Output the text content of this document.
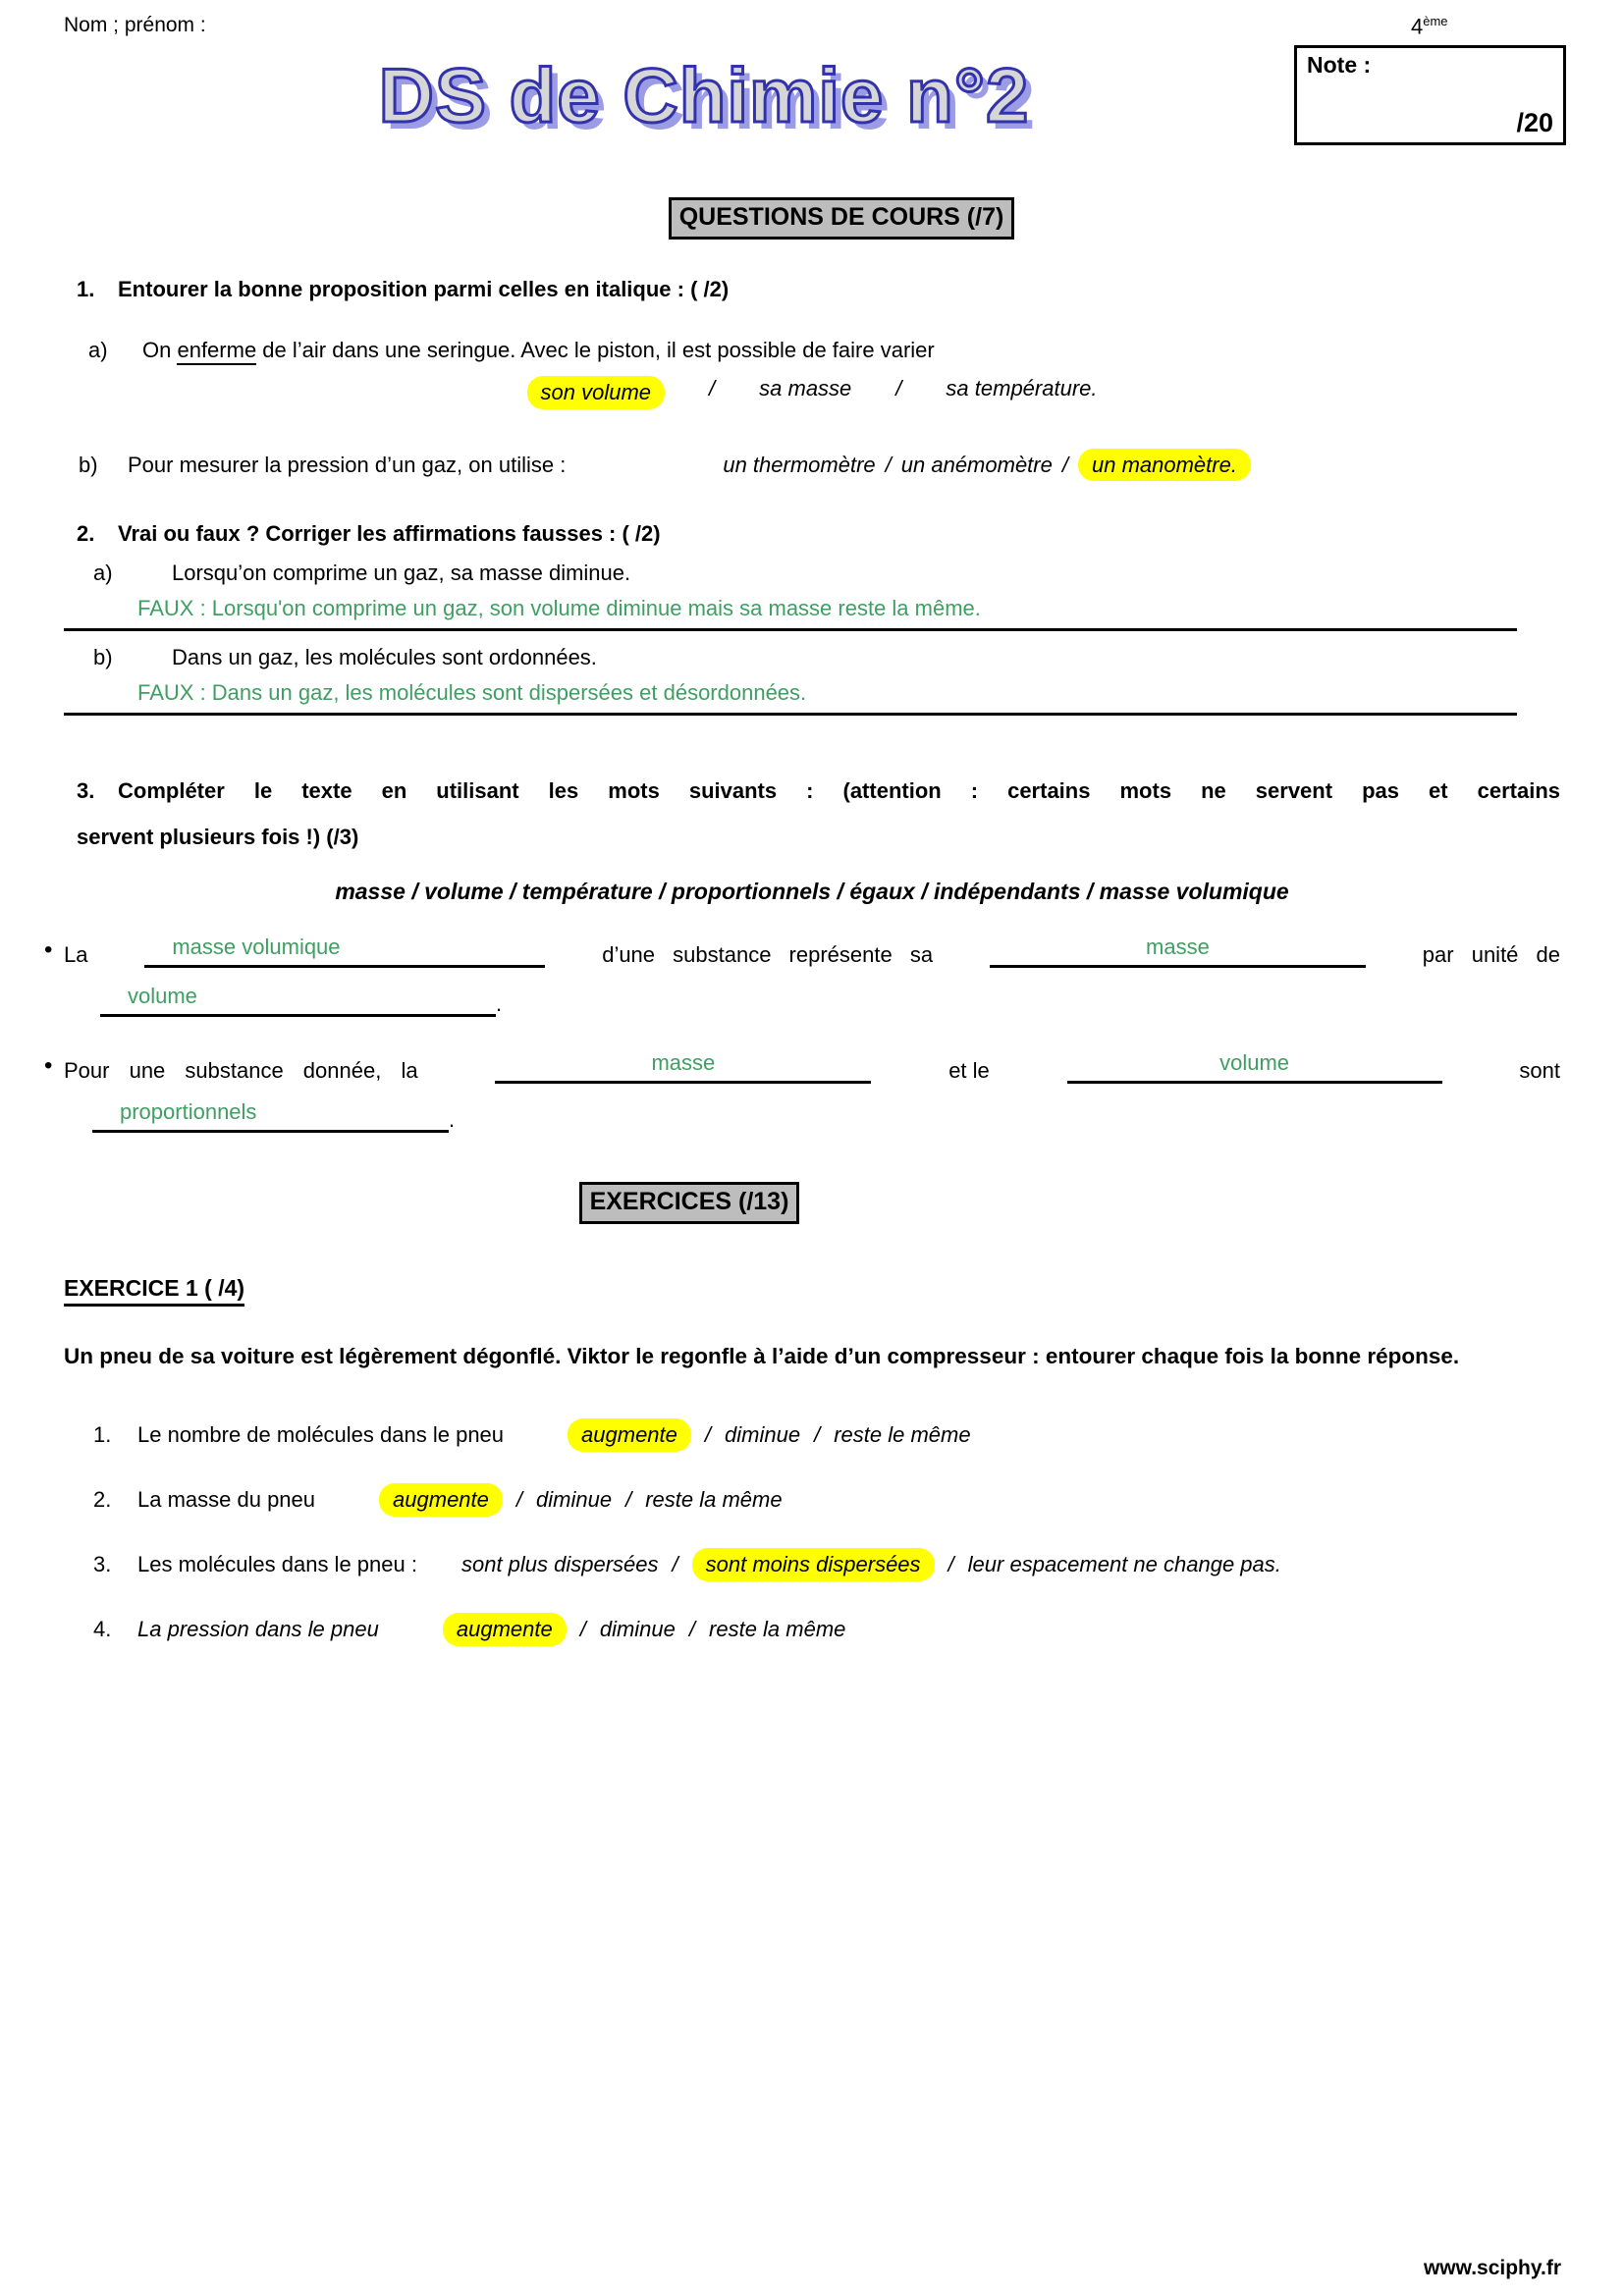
Nom ; prénom :	4ème
Note :
/20
DS de Chimie n°2
QUESTIONS DE COURS (/7)
1.	Entourer la bonne proposition parmi celles en italique : ( /2)
a)	On enferme de l’air dans une seringue. Avec le piston, il est possible de faire varier
son volume	/ sa masse / sa température.
b)	Pour mesurer la pression d’un gaz, on utilise :	un thermomètre / un anémomètre / un manomètre.
2.	Vrai ou faux ? Corriger les affirmations fausses : ( /2)
a)	Lorsqu’on comprime un gaz, sa masse diminue.
FAUX : Lorsqu'on comprime un gaz, son volume diminue mais sa masse reste la même.
b)	Dans un gaz, les molécules sont ordonnées.
FAUX : Dans un gaz, les molécules sont dispersées et désordonnées.
3.	Compléter le texte en utilisant les mots suivants : (attention : certains mots ne servent pas et certains
servent plusieurs fois !) (/3)
masse / volume / température / proportionnels / égaux / indépendants / masse volumique
• La	masse volumique	d’une substance représente sa	masse	par unité de
volume	.
• Pour une substance donnée, la	masse	et le	volume	sont
proportionnels	.
EXERCICES (/13)
EXERCICE 1 ( /4)
Un pneu de sa voiture est légèrement dégonflé. Viktor le regonfle à l’aide d’un compresseur : entourer chaque fois la bonne réponse.
1.	Le nombre de molécules dans le pneu	augmente	/ diminue / reste le même
2.	La masse du pneu	augmente	/ diminue / reste la même
3.	Les molécules dans le pneu : sont plus dispersées /	sont moins dispersées	/ leur espacement ne change pas.
4.	La pression dans le pneu	augmente	/ diminue / reste la même
www.sciphy.fr
